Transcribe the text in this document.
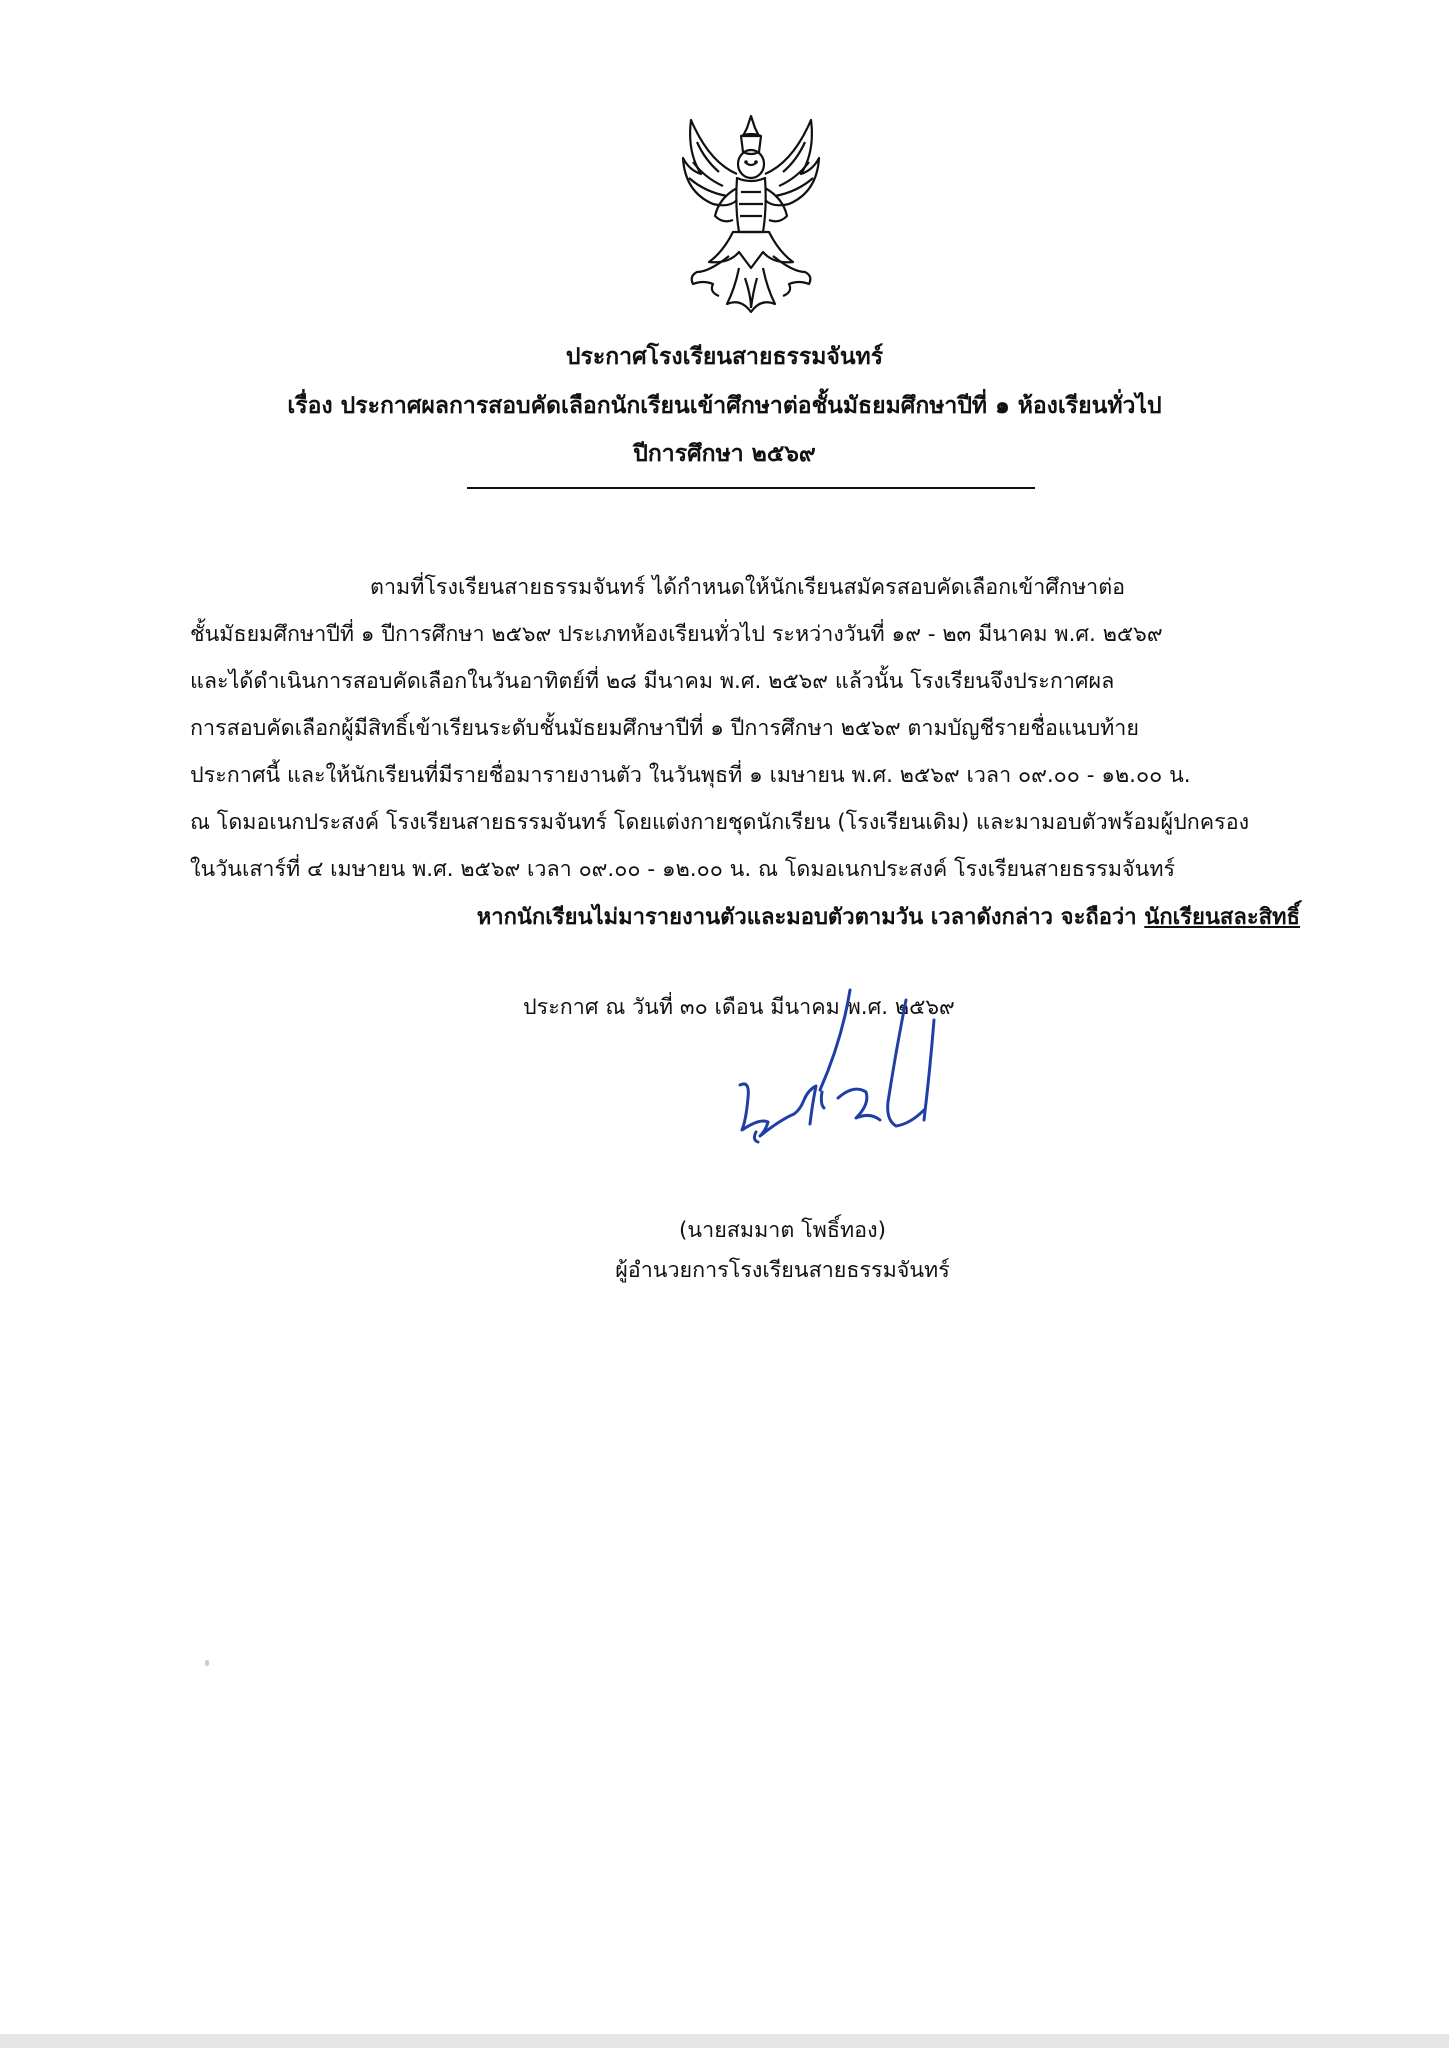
ประกาศโรงเรียนสายธรรมจันทร์
เรื่อง ประกาศผลการสอบคัดเลือกนักเรียนเข้าศึกษาต่อชั้นมัธยมศึกษาปีที่ ๑ ห้องเรียนทั่วไป
ปีการศึกษา ๒๕๖๙
ตามที่โรงเรียนสายธรรมจันทร์ ได้กำหนดให้นักเรียนสมัครสอบคัดเลือกเข้าศึกษาต่อ
ชั้นมัธยมศึกษาปีที่ ๑ ปีการศึกษา ๒๕๖๙ ประเภทห้องเรียนทั่วไป ระหว่างวันที่ ๑๙ - ๒๓ มีนาคม พ.ศ. ๒๕๖๙
และได้ดำเนินการสอบคัดเลือกในวันอาทิตย์ที่ ๒๘ มีนาคม พ.ศ. ๒๕๖๙ แล้วนั้น โรงเรียนจึงประกาศผล
การสอบคัดเลือกผู้มีสิทธิ์เข้าเรียนระดับชั้นมัธยมศึกษาปีที่ ๑ ปีการศึกษา ๒๕๖๙ ตามบัญชีรายชื่อแนบท้าย
ประกาศนี้ และให้นักเรียนที่มีรายชื่อมารายงานตัว ในวันพุธที่ ๑ เมษายน พ.ศ. ๒๕๖๙ เวลา ๐๙.๐๐ - ๑๒.๐๐ น.
ณ โดมอเนกประสงค์ โรงเรียนสายธรรมจันทร์ โดยแต่งกายชุดนักเรียน (โรงเรียนเดิม) และมามอบตัวพร้อมผู้ปกครอง
ในวันเสาร์ที่ ๔ เมษายน พ.ศ. ๒๕๖๙ เวลา ๐๙.๐๐ - ๑๒.๐๐ น. ณ โดมอเนกประสงค์ โรงเรียนสายธรรมจันทร์
หากนักเรียนไม่มารายงานตัวและมอบตัวตามวัน เวลาดังกล่าว จะถือว่า นักเรียนสละสิทธิ์
ประกาศ ณ วันที่ ๓๐ เดือน มีนาคม พ.ศ. ๒๕๖๙
(นายสมมาต โพธิ์ทอง)
ผู้อำนวยการโรงเรียนสายธรรมจันทร์
